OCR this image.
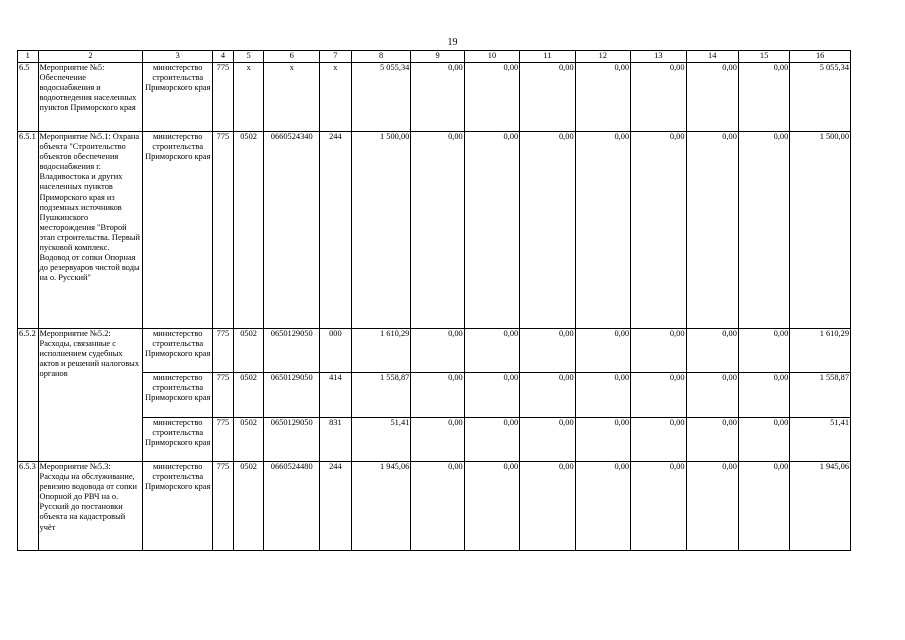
19
1	2	3	4	5	6	7	8	9	10	11	12	13	14	15	16
6.5	Мероприятие №5: Обеспечение водоснабжения и водоотведения населенных пунктов Приморского края	министерство строительства Приморского края	775	x	x	x	5 055,34	0,00	0,00	0,00	0,00	0,00	0,00	0,00	5 055,34
6.5.1	Мероприятие №5.1: Охрана объекта "Строительство объектов обеспечения водоснабжения г. Владивостока и других населенных пунктов Приморского края из подземных источников Пушкинского месторождения "Второй этап строительства. Первый пусковой комплекс. Водовод от сопки Опорная до резервуаров чистой воды на о. Русский"	министерство строительства Приморского края	775	0502	0660524340	244	1 500,00	0,00	0,00	0,00	0,00	0,00	0,00	0,00	1 500,00
6.5.2	Мероприятие №5.2: Расходы, связанные с исполнением судебных актов и решений налоговых органов	министерство строительства Приморского края	775	0502	0650129050	000	1 610,29	0,00	0,00	0,00	0,00	0,00	0,00	0,00	1 610,29
		министерство строительства Приморского края	775	0502	0650129050	414	1 558,87	0,00	0,00	0,00	0,00	0,00	0,00	0,00	1 558,87
		министерство строительства Приморского края	775	0502	0650129050	831	51,41	0,00	0,00	0,00	0,00	0,00	0,00	0,00	51,41
6.5.3	Мероприятие №5.3: Расходы на обслуживание, ревизию водовода от сопки Опорной до РВЧ на о. Русский до постановки объекта на кадастровый учёт	министерство строительства Приморского края	775	0502	0660524480	244	1 945,06	0,00	0,00	0,00	0,00	0,00	0,00	0,00	1 945,06
